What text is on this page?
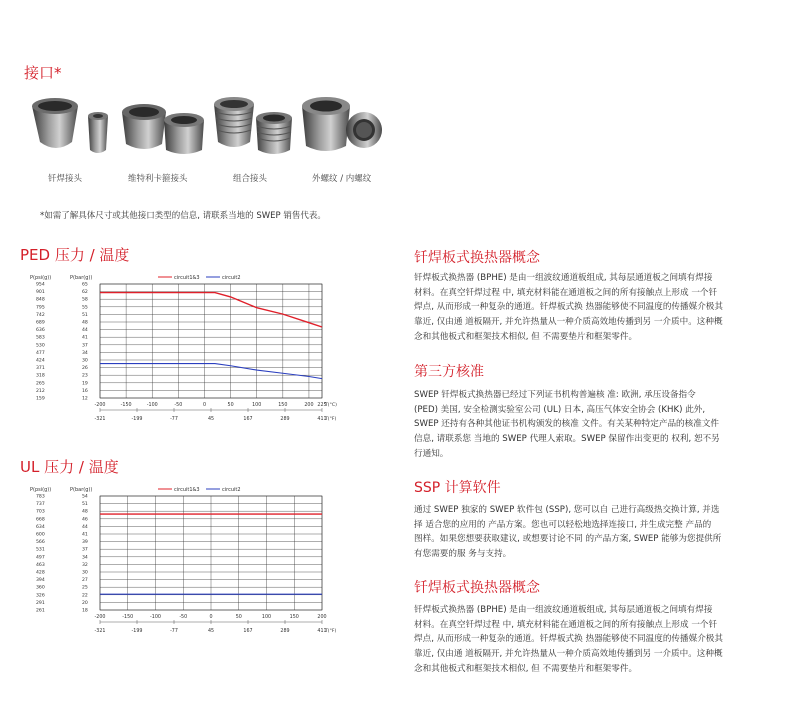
接口*
钎焊接头	维特利卡箍接头	组合接头	外螺纹 / 内螺纹
*如需了解具体尺寸或其他接口类型的信息, 请联系当地的 SWEP 销售代表。
PED 压力 / 温度
P(psi(g))	P(bar(g))	circuit1&3	circuit2
954	65
901	62
848	58
795	55
742	51
689	48
636	44
583	41
530	37
477	34
424	30
371	26
318	23
265	19
212	16
159	12
-200	-150	-100	-50	0	50	100	150	200 225
T(°C)
-321	-199	-77	45	167	289	411
T(°F)
UL 压力 / 温度
P(psi(g))	P(bar(g))	circuit1&3	circuit2
783	54
737	51
703	48
668	46
634	44
600	41
566	39
531	37
497	34
463	32
428	30
394	27
360	25
326	22
291	20
261	18
-200	-150	-100	-50	0	50	100	150	200
-321	-199	-77	45	167	289	411
T(°F)
钎焊板式换热器概念
钎焊板式换热器 (BPHE) 是由一组波纹通道板组成, 其每层通道板之间填有焊接
材料。在真空钎焊过程 中, 填充材料能在通道板之间的所有接触点上形成 一个钎
焊点, 从而形成一种复杂的通道。钎焊板式换 热器能够使不同温度的传播媒介极其
靠近, 仅由通 道板隔开, 并允许热量从一种介质高效地传播到另 一介质中。这种概
念和其他板式和框架技术相似, 但 不需要垫片和框架零件。
第三方核准
SWEP 钎焊板式换热器已经过下列证书机构普遍核 准: 欧洲, 承压设备指令
(PED) 美国, 安全检测实验室公司 (UL) 日本, 高压气体安全协会 (KHK) 此外,
SWEP 还持有各种其他证书机构颁发的核准 文件。有关某种特定产品的核准文件
信息, 请联系您 当地的 SWEP 代理人索取。SWEP 保留作出变更的 权利, 恕不另
行通知。
SSP 计算软件
通过 SWEP 独家的 SWEP 软件包 (SSP), 您可以自 己进行高级热交换计算, 并选
择 适合您的应用的 产品方案。您也可以轻松地选择连接口, 并生成完整 产品的
图样。如果您想要获取建议, 或想要讨论不同 的产品方案, SWEP 能够为您提供所
有您需要的服 务与支持。
钎焊板式换热器概念
钎焊板式换热器 (BPHE) 是由一组波纹通道板组成, 其每层通道板之间填有焊接
材料。在真空钎焊过程 中, 填充材料能在通道板之间的所有接触点上形成 一个钎
焊点, 从而形成一种复杂的通道。钎焊板式换 热器能够使不同温度的传播媒介极其
靠近, 仅由通 道板隔开, 并允许热量从一种介质高效地传播到另 一介质中。这种概
念和其他板式和框架技术相似, 但 不需要垫片和框架零件。
